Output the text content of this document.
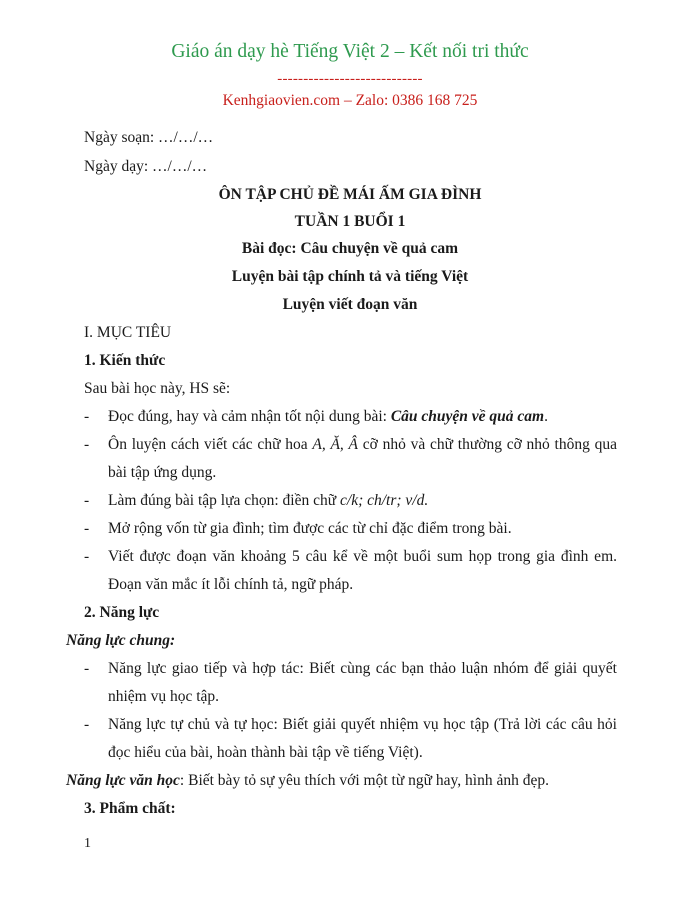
Giáo án dạy hè Tiếng Việt 2 – Kết nối tri thức
----------------------------
Kenhgiaovien.com – Zalo: 0386 168 725
Ngày soạn: …/…/…
Ngày dạy: …/…/…
ÔN TẬP CHỦ ĐỀ MÁI ẤM GIA ĐÌNH
TUẦN 1 BUỔI 1
Bài đọc: Câu chuyện về quả cam
Luyện bài tập chính tả và tiếng Việt
Luyện viết đoạn văn
I. MỤC TIÊU
1. Kiến thức
Sau bài học này, HS sẽ:
- Đọc đúng, hay và cảm nhận tốt nội dung bài: Câu chuyện về quả cam.
- Ôn luyện cách viết các chữ hoa A, Ă, Â cỡ nhỏ và chữ thường cỡ nhỏ thông qua
bài tập ứng dụng.
- Làm đúng bài tập lựa chọn: điền chữ c/k; ch/tr; v/d.
- Mở rộng vốn từ gia đình; tìm được các từ chỉ đặc điểm trong bài.
- Viết được đoạn văn khoảng 5 câu kể về một buổi sum họp trong gia đình em.
Đoạn văn mắc ít lỗi chính tả, ngữ pháp.
2. Năng lực
Năng lực chung:
- Năng lực giao tiếp và hợp tác: Biết cùng các bạn thảo luận nhóm để giải quyết
nhiệm vụ học tập.
- Năng lực tự chủ và tự học: Biết giải quyết nhiệm vụ học tập (Trả lời các câu hỏi
đọc hiểu của bài, hoàn thành bài tập về tiếng Việt).
Năng lực văn học: Biết bày tỏ sự yêu thích với một từ ngữ hay, hình ảnh đẹp.
3. Phẩm chất:
1
